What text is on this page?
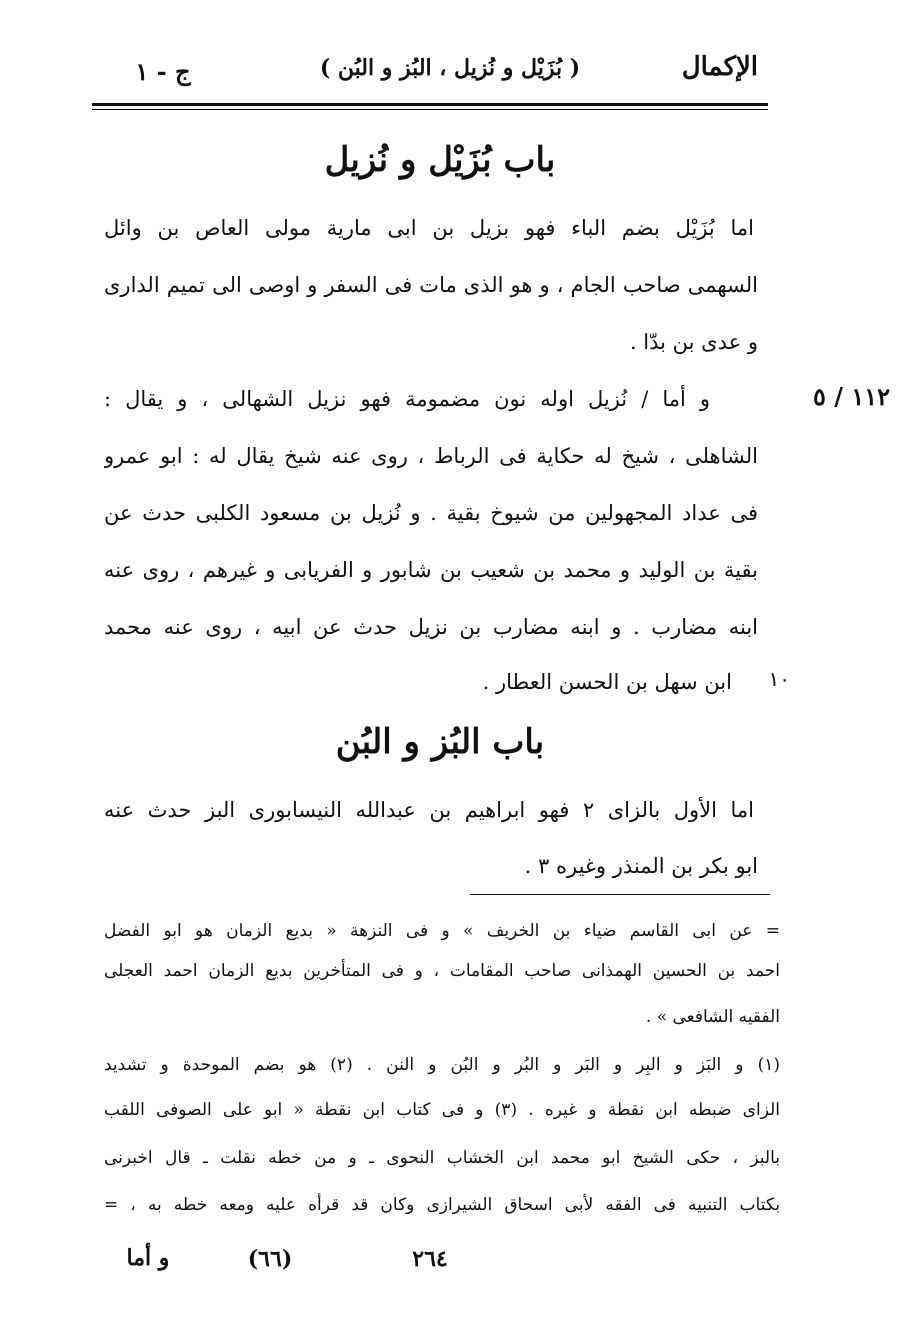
الإكمال
( بُزَيْل و نُزيل ، البُز و البُن )
ج - ١
باب بُزَيْل و نُزيل
اما بُزَيْل بضم الباء فهو بزيل بن ابى مارية مولى العاص بن وائل
السهمى صاحب الجام ، و هو الذى مات فى السفر و اوصى الى تميم الدارى
و عدى بن بدّا .
و أما / نُزيل اوله نون مضمومة فهو نزيل الشهالى ، و يقال :
الشاهلى ، شيخ له حكاية فى الرباط ، روى عنه شيخ يقال له : ابو عمرو
فى عداد المجهولين من شيوخ بقية . و نُزيل بن مسعود الكلبى حدث عن
بقية بن الوليد و محمد بن شعيب بن شابور و الفريابى و غيرهم ، روى عنه
ابنه مضارب . و ابنه مضارب بن نزيل حدث عن ابيه ، روى عنه محمد
ابن سهل بن الحسن العطار .
١١٢ / ٥
١٠
باب البُز و البُن
اما الأول بالزاى ٢ فهو ابراهيم بن عبدالله النيسابورى البز حدث عنه
ابو بكر بن المنذر وغيره ٣ .
= عن ابى القاسم ضياء بن الخريف » و فى النزهة « بديع الزمان هو ابو الفضل
احمد بن الحسين الهمذانى صاحب المقامات ، و فى المتأخرين بديع الزمان احمد العجلى
الفقيه الشافعى » .
(١) و البَز و البِر و البَر و البُر و البُن و النن . (٢) هو بضم الموحدة و تشديد
الزاى ضبطه ابن نقطة و غيره . (٣) و فى كتاب ابن نقطة « ابو على الصوفى اللقب
بالبز ، حكى الشيخ ابو محمد ابن الخشاب النحوى ـ و من خطه نقلت ـ قال اخبرنى
بكتاب التنبيه فى الفقه لأبى اسحاق الشيرازى وكان قد قرأه عليه ومعه خطه به ، =
و أما	(٦٦)	٢٦٤
